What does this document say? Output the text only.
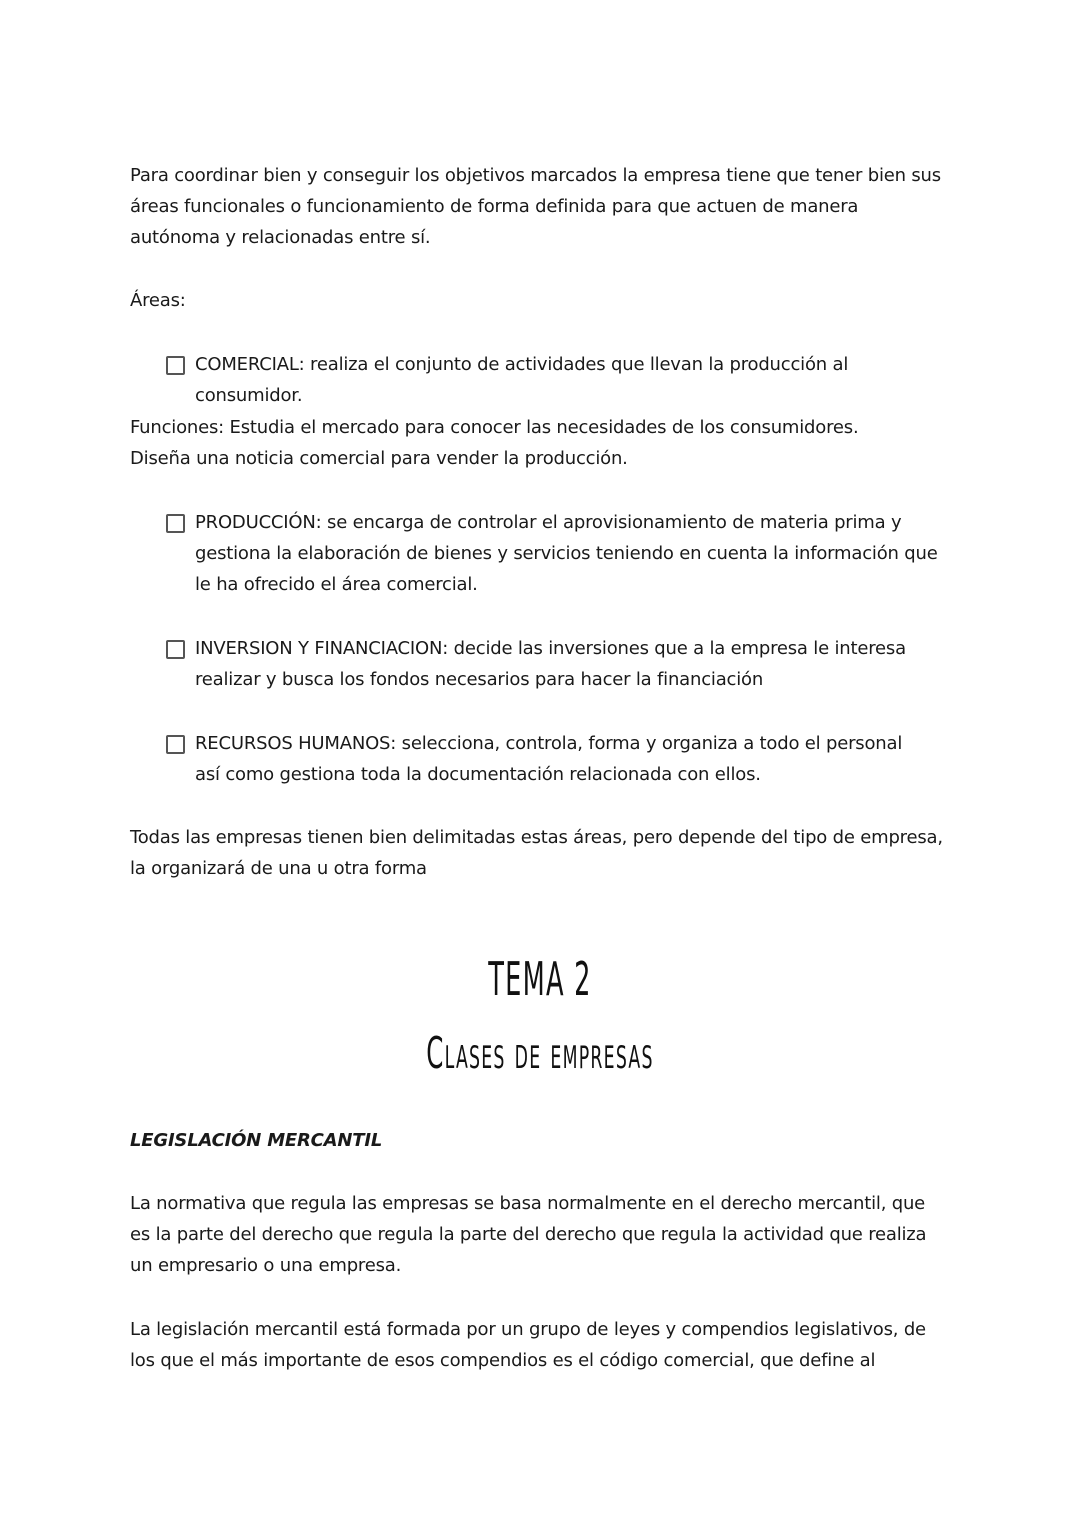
Para coordinar bien y conseguir los objetivos marcados la empresa tiene que tener bien sus
áreas funcionales o funcionamiento de forma definida para que actuen de manera
autónoma y relacionadas entre sí.
Áreas:
COMERCIAL: realiza el conjunto de actividades que llevan la producción al
consumidor.
Funciones: Estudia el mercado para conocer las necesidades de los consumidores.
Diseña una noticia comercial para vender la producción.
PRODUCCIÓN: se encarga de controlar el aprovisionamiento de materia prima y
gestiona la elaboración de bienes y servicios teniendo en cuenta la información que
le ha ofrecido el área comercial.
INVERSION Y FINANCIACION: decide las inversiones que a la empresa le interesa
realizar y busca los fondos necesarios para hacer la financiación
RECURSOS HUMANOS: selecciona, controla, forma y organiza a todo el personal
así como gestiona toda la documentación relacionada con ellos.
Todas las empresas tienen bien delimitadas estas áreas, pero depende del tipo de empresa,
la organizará de una u otra forma
TEMA 2
Clases de empresas
LEGISLACIÓN MERCANTIL
La normativa que regula las empresas se basa normalmente en el derecho mercantil, que
es la parte del derecho que regula la parte del derecho que regula la actividad que realiza
un empresario o una empresa.
La legislación mercantil está formada por un grupo de leyes y compendios legislativos, de
los que el más importante de esos compendios es el código comercial, que define al
